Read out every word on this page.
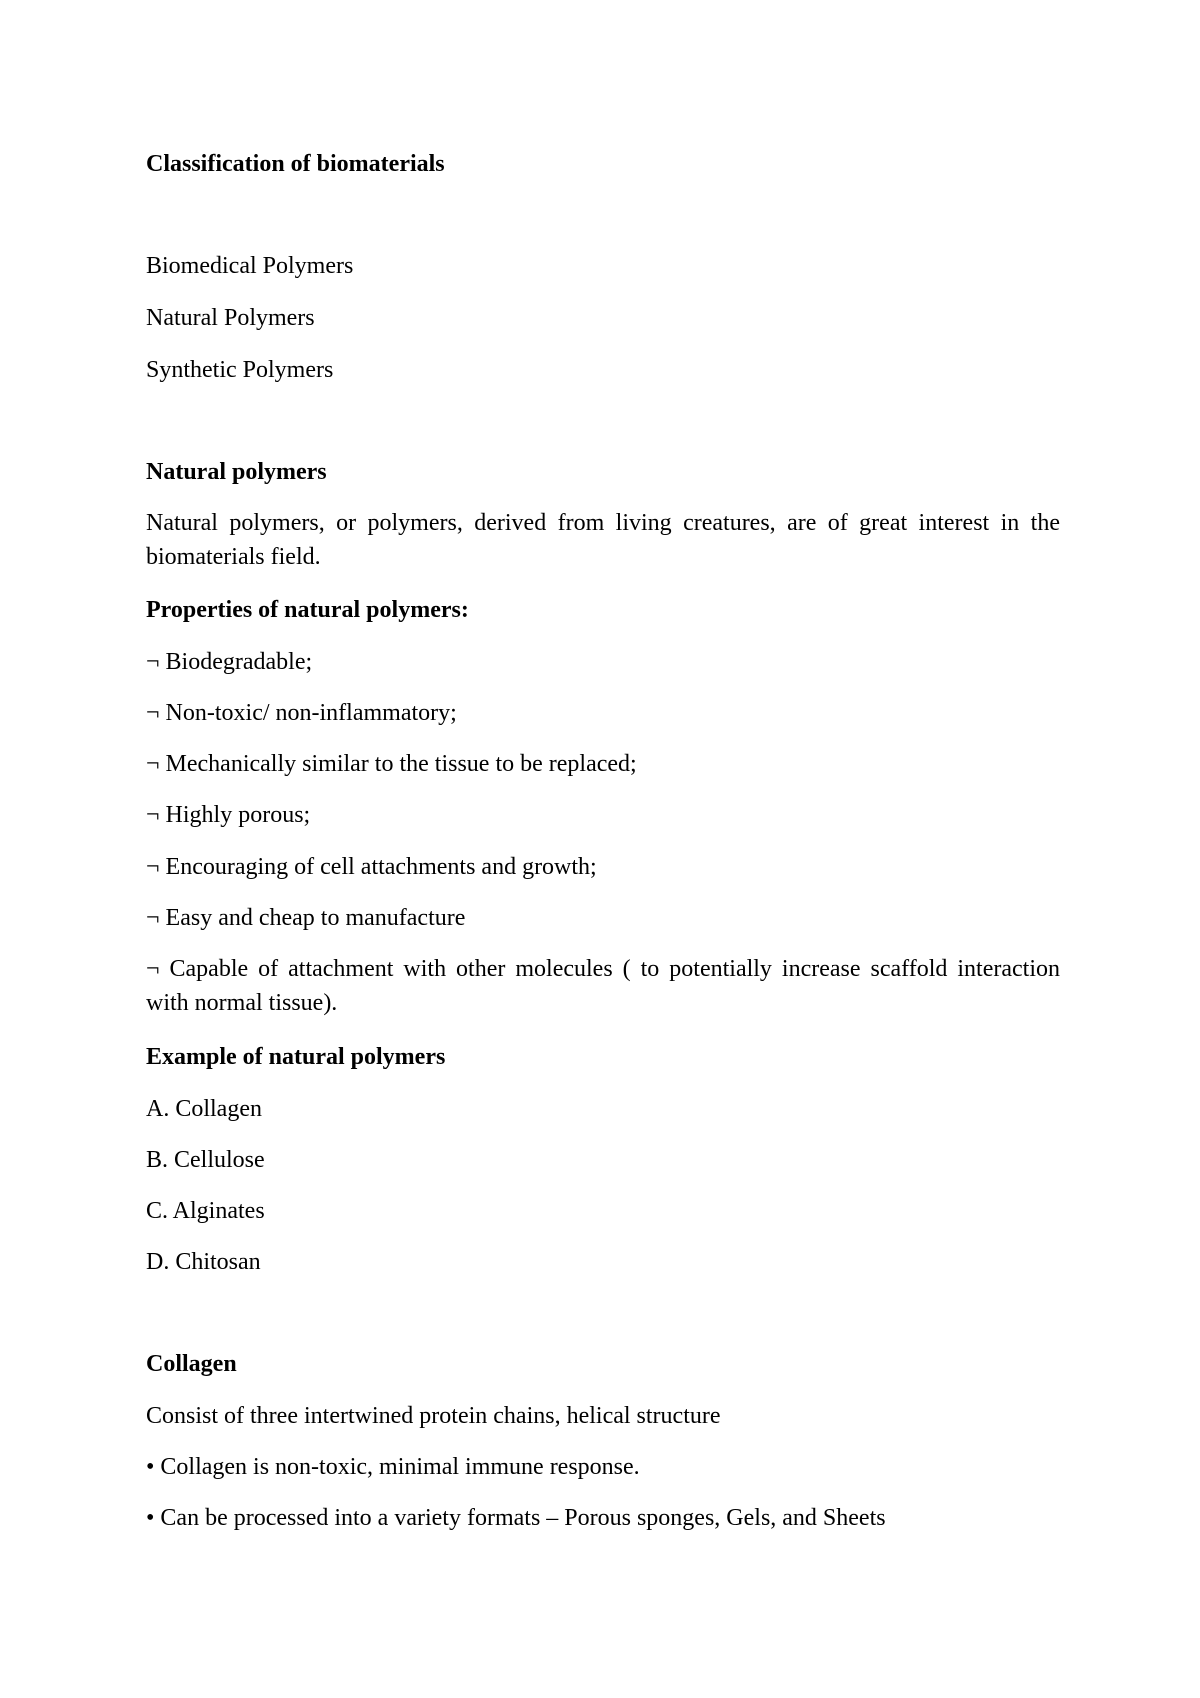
Classification of biomaterials
Biomedical Polymers
Natural Polymers
Synthetic Polymers
Natural polymers
Natural polymers, or polymers, derived from living creatures, are of great interest in the biomaterials field.
Properties of natural polymers:
¬ Biodegradable;
¬ Non-toxic/ non-inflammatory;
¬ Mechanically similar to the tissue to be replaced;
¬ Highly porous;
¬ Encouraging of cell attachments and growth;
¬ Easy and cheap to manufacture
¬ Capable of attachment with other molecules ( to potentially increase scaffold interaction with normal tissue).
Example of natural polymers
A. Collagen
B. Cellulose
C. Alginates
D. Chitosan
Collagen
Consist of three intertwined protein chains, helical structure
• Collagen is non-toxic, minimal immune response.
• Can be processed into a variety formats – Porous sponges, Gels, and Sheets
